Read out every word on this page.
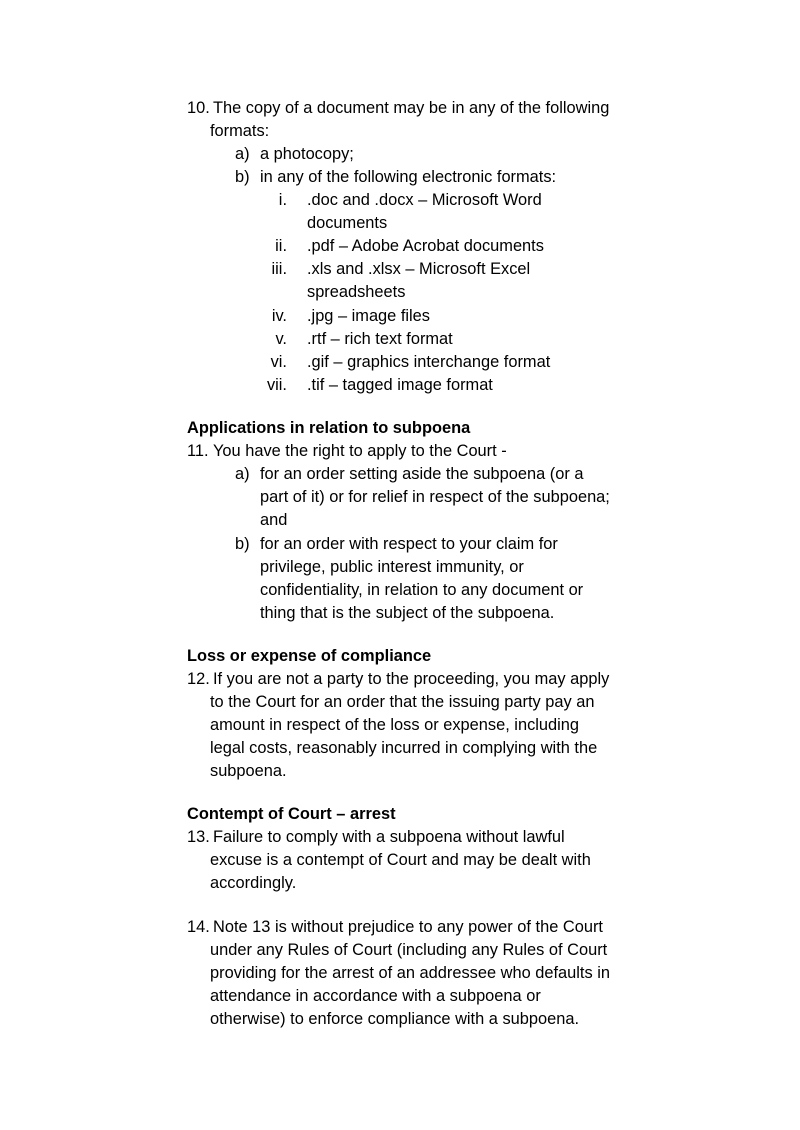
10. The copy of a document may be in any of the following
formats:
a) a photocopy;
b) in any of the following electronic formats:
i. .doc and .docx – Microsoft Word
documents
ii. .pdf – Adobe Acrobat documents
iii. .xls and .xlsx – Microsoft Excel
spreadsheets
iv. .jpg – image files
v. .rtf – rich text format
vi. .gif – graphics interchange format
vii. .tif – tagged image format
Applications in relation to subpoena
11. You have the right to apply to the Court -
a) for an order setting aside the subpoena (or a
part of it) or for relief in respect of the subpoena;
and
b) for an order with respect to your claim for
privilege, public interest immunity, or
confidentiality, in relation to any document or
thing that is the subject of the subpoena.
Loss or expense of compliance
12. If you are not a party to the proceeding, you may apply
to the Court for an order that the issuing party pay an
amount in respect of the loss or expense, including
legal costs, reasonably incurred in complying with the
subpoena.
Contempt of Court – arrest
13. Failure to comply with a subpoena without lawful
excuse is a contempt of Court and may be dealt with
accordingly.
14. Note 13 is without prejudice to any power of the Court
under any Rules of Court (including any Rules of Court
providing for the arrest of an addressee who defaults in
attendance in accordance with a subpoena or
otherwise) to enforce compliance with a subpoena.
